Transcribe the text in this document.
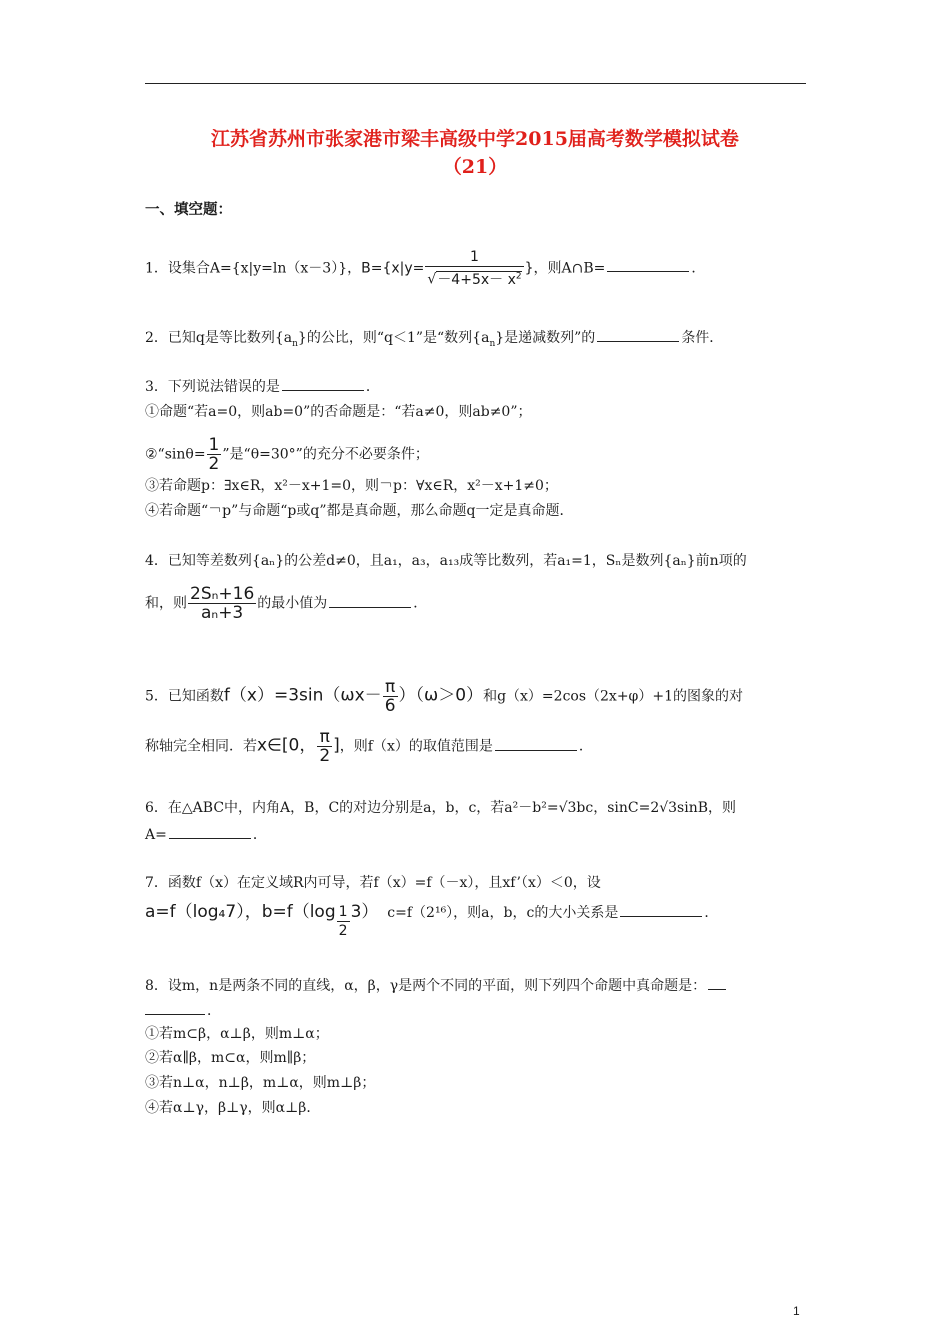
江苏省苏州市张家港市梁丰高级中学2015届高考数学模拟试卷
（21）
一、填空题：
1．设集合A={x|y=ln（x－3）}，$B=\{x|y= \frac{1}{√-4+5x- x^2}$ }，则A∩B=	．
2．已知q是等比数列$\{a_n\}$的公比，则“q＜1”是“数列$\{a_n\}$是递减数列”的	条件．
3．下列说法错误的是	．
①命题“若a=0，则ab=0”的否命题是：“若a≠0，则ab≠0”；
②“sinθ= $\frac{1}{2}$ ”是“θ=30°”的充分不必要条件；
③若命题p：∃x∈R，x²－x+1=0，则￢p：∀x∈R，x²－x+1≠0；
④若命题“￢p”与命题“p或q”都是真命题，那么命题q一定是真命题．
4．已知等差数列{aₙ}的公差d≠0，且a₁，a₃，a₁₃成等比数列，若a₁=1，Sₙ是数列{aₙ}前n项的
和，则 $\frac{\text{2Sₙ+16}}{\text{aₙ+3}}$ 的最小值为	．
5．已知函数$f(x)=3\sin(\omega x- \frac{\pi}{6} )(\omega>0)$和g（x）=2cos（2x+φ）+1的图象的对
称轴完全相同．若x∈[0， $\frac{\pi}{2}$ ]，则f（x）的取值范围是	．
6．在△ABC中，内角A，B，C的对边分别是a，b，c，若a²－b²=√3bc，sinC=2√3sinB，则
A=	．
7．函数f（x）在定义域R内可导，若f（x）=f（－x），且xf’（x）＜0，设
a=f（log₄7），$b=f(\log \frac{1}{2} 3)$ c=f（2¹⁶），则a，b，c的大小关系是	．
8．设m，n是两条不同的直线，α，β，γ是两个不同的平面，则下列四个命题中真命题是：
．
①若m⊂β，α⊥β，则m⊥α；
②若α∥β，m⊂α，则m∥β；
③若n⊥α，n⊥β，m⊥α，则m⊥β；
④若α⊥γ，β⊥γ，则α⊥β．
1
